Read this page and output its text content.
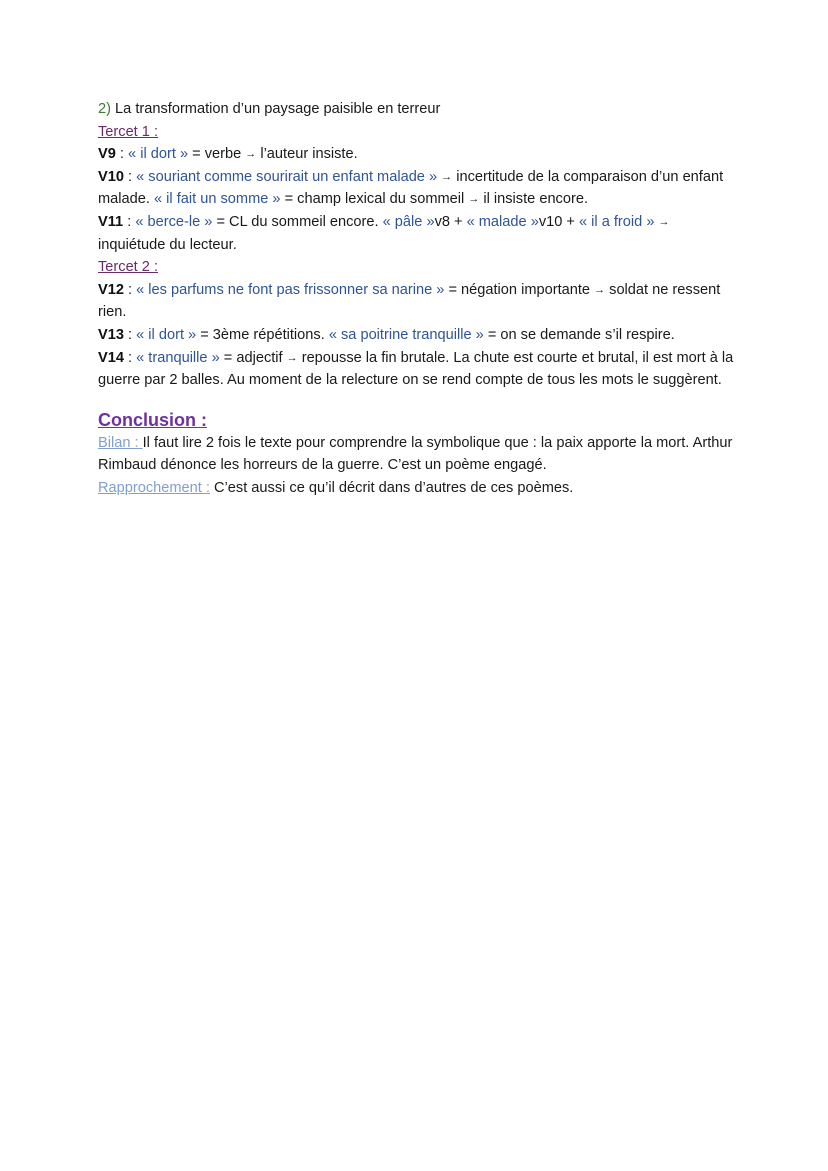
2) La transformation d’un paysage paisible en terreur

Tercet 1 :

V9 : « il dort » = verbe → l’auteur insiste.

V10 : « souriant comme sourirait un enfant malade » → incertitude de la comparaison d’un enfant malade. « il fait un somme » = champ lexical du sommeil → il insiste encore.

V11 : « berce-le » = CL du sommeil encore. « pâle »v8 + « malade »v10 + « il a froid » → inquiétude du lecteur.

Tercet 2 :

V12 : « les parfums ne font pas frissonner sa narine » = négation importante → soldat ne ressent rien.

V13 : « il dort » = 3ème répétitions. « sa poitrine tranquille » = on se demande s’il respire.

V14 : « tranquille » = adjectif → repousse la fin brutale. La chute est courte et brutal, il est mort à la guerre par 2 balles. Au moment de la relecture on se rend compte de tous les mots le suggèrent.

Conclusion :

Bilan : Il faut lire 2 fois le texte pour comprendre la symbolique que : la paix apporte la mort. Arthur Rimbaud dénonce les horreurs de la guerre. C’est un poème engagé.

Rapprochement : C’est aussi ce qu’il décrit dans d’autres de ces poèmes.
